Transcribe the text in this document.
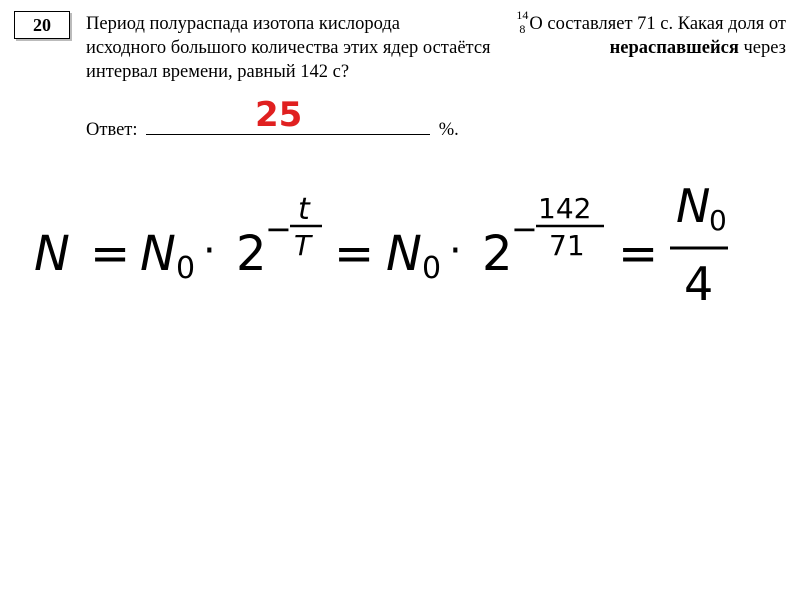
20	Период полураспада изотопа кислорода	14
8 O составляет 71 с. Какая доля от
исходного большого количества этих ядер остаётся	нераспавшейся через
интервал времени, равный 142 с?
Ответ:	%.
25
N = N 0 · 2
−
t
T = N 0 · 2
−
142
71 =
N
0
4
